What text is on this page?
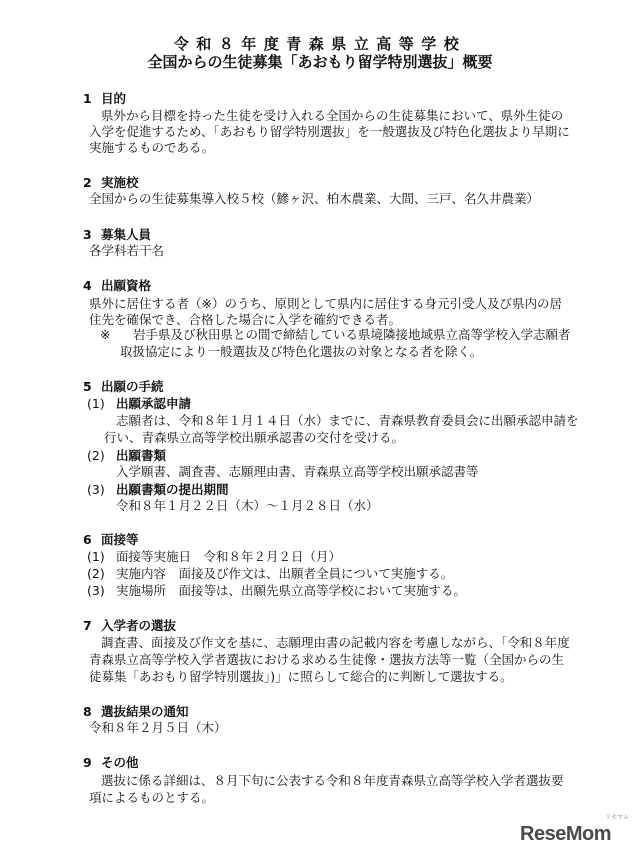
令和８年度青森県立高等学校
全国からの生徒募集「あおもり留学特別選抜」概要
1 目的
県外から目標を持った生徒を受け入れる全国からの生徒募集において、県外生徒の
入学を促進するため、「あおもり留学特別選抜」を一般選抜及び特色化選抜より早期に
実施するものである。
2 実施校
全国からの生徒募集導入校５校（鰺ヶ沢、柏木農業、大間、三戸、名久井農業）
3 募集人員
各学科若干名
4 出願資格
県外に居住する者（※）のうち、原則として県内に居住する身元引受人及び県内の居
住先を確保でき、合格した場合に入学を確約できる者。
※ 岩手県及び秋田県との間で締結している県境隣接地域県立高等学校入学志願者
取扱協定により一般選抜及び特色化選抜の対象となる者を除く。
5 出願の手続
(1) 出願承認申請
志願者は、令和８年１月１４日（水）までに、青森県教育委員会に出願承認申請を
行い、青森県立高等学校出願承認書の交付を受ける。
(2) 出願書類
入学願書、調査書、志願理由書、青森県立高等学校出願承認書等
(3) 出願書類の提出期間
令和８年１月２２日（木）～１月２８日（水）
6 面接等
(1) 面接等実施日　令和８年２月２日（月）
(2) 実施内容　面接及び作文は、出願者全員について実施する。
(3) 実施場所　面接等は、出願先県立高等学校において実施する。
7 入学者の選抜
調査書、面接及び作文を基に、志願理由書の記載内容を考慮しながら、「令和８年度
青森県立高等学校入学者選抜における求める生徒像・選抜方法等一覧（全国からの生
徒募集「あおもり留学特別選抜」)」に照らして総合的に判断して選抜する。
8 選抜結果の通知
令和８年２月５日（木）
9 その他
選抜に係る詳細は、８月下旬に公表する令和８年度青森県立高等学校入学者選抜要
項によるものとする。
リセマム
ReseMom
